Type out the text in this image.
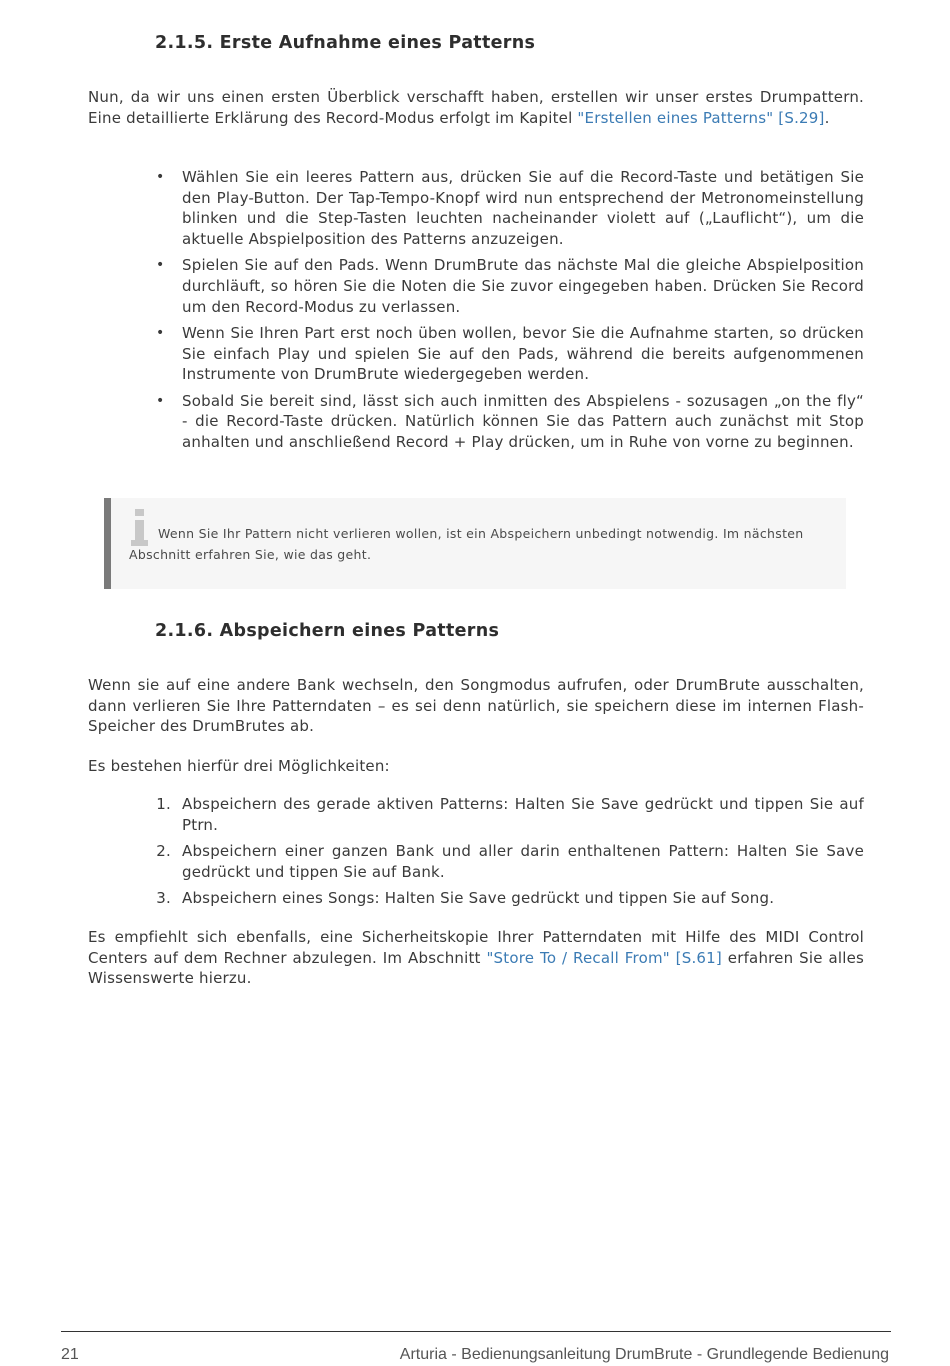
2.1.5. Erste Aufnahme eines Patterns

Nun, da wir uns einen ersten Überblick verschafft haben, erstellen wir unser erstes Drumpattern. Eine detaillierte Erklärung des Record-Modus erfolgt im Kapitel "Erstellen eines Patterns" [S.29].

•	Wählen Sie ein leeres Pattern aus, drücken Sie auf die Record-Taste und betätigen Sie den Play-Button. Der Tap-Tempo-Knopf wird nun entsprechend der Metronomeinstellung blinken und die Step-Tasten leuchten nacheinander violett auf („Lauflicht“), um die aktuelle Abspielposition des Patterns anzuzeigen.
•	Spielen Sie auf den Pads. Wenn DrumBrute das nächste Mal die gleiche Abspielposition durchläuft, so hören Sie die Noten die Sie zuvor eingegeben haben. Drücken Sie Record um den Record-Modus zu verlassen.
•	Wenn Sie Ihren Part erst noch üben wollen, bevor Sie die Aufnahme starten, so drücken Sie einfach Play und spielen Sie auf den Pads, während die bereits aufgenommenen Instrumente von DrumBrute wiedergegeben werden.
•	Sobald Sie bereit sind, lässt sich auch inmitten des Abspielens - sozusagen „on the fly“ - die Record-Taste drücken. Natürlich können Sie das Pattern auch zunächst mit Stop anhalten und anschließend Record + Play drücken, um in Ruhe von vorne zu beginnen.

Wenn Sie Ihr Pattern nicht verlieren wollen, ist ein Abspeichern unbedingt notwendig. Im nächsten Abschnitt erfahren Sie, wie das geht.

2.1.6. Abspeichern eines Patterns

Wenn sie auf eine andere Bank wechseln, den Songmodus aufrufen, oder DrumBrute ausschalten, dann verlieren Sie Ihre Patterndaten – es sei denn natürlich, sie speichern diese im internen Flash-Speicher des DrumBrutes ab.

Es bestehen hierfür drei Möglichkeiten:

1. Abspeichern des gerade aktiven Patterns: Halten Sie Save gedrückt und tippen Sie auf Ptrn.
2. Abspeichern einer ganzen Bank und aller darin enthaltenen Pattern: Halten Sie Save gedrückt und tippen Sie auf Bank.
3. Abspeichern eines Songs: Halten Sie Save gedrückt und tippen Sie auf Song.

Es empfiehlt sich ebenfalls, eine Sicherheitskopie Ihrer Patterndaten mit Hilfe des MIDI Control Centers auf dem Rechner abzulegen. Im Abschnitt "Store To / Recall From" [S.61] erfahren Sie alles Wissenswerte hierzu.

21	Arturia - Bedienungsanleitung DrumBrute - Grundlegende Bedienung
